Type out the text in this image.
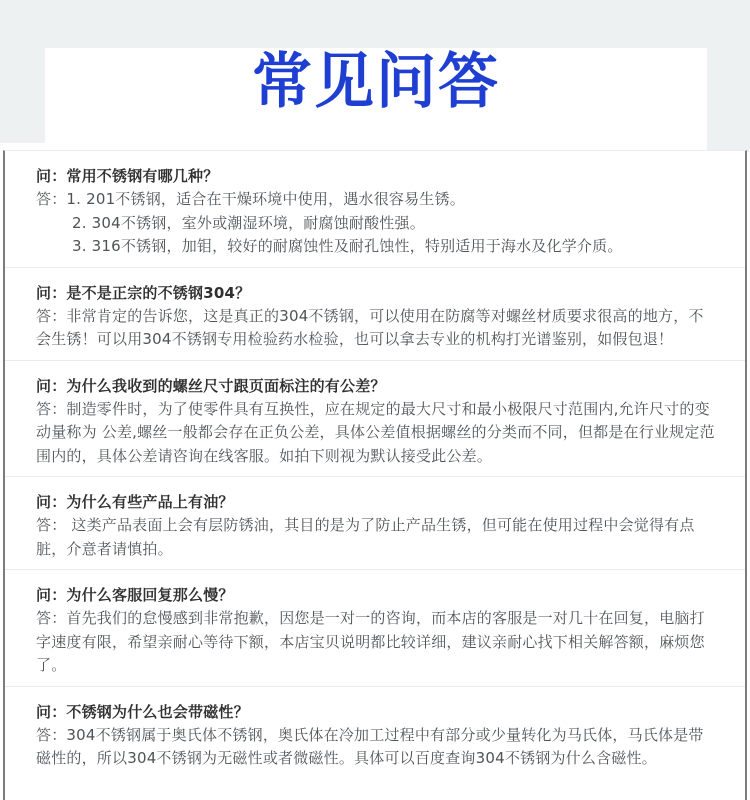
常见问答
问：常用不锈钢有哪几种？
答：1. 201不锈钢，适合在干燥环境中使用，遇水很容易生锈。
2. 304不锈钢，室外或潮湿环境，耐腐蚀耐酸性强。
3. 316不锈钢，加钼，较好的耐腐蚀性及耐孔蚀性，特别适用于海水及化学介质。
问：是不是正宗的不锈钢304？
答：非常肯定的告诉您，这是真正的304不锈钢，可以使用在防腐等对螺丝材质要求很高的地方，不会生锈！可以用304不锈钢专用检验药水检验，也可以拿去专业的机构打光谱鉴别，如假包退！
问：为什么我收到的螺丝尺寸跟页面标注的有公差？
答：制造零件时，为了使零件具有互换性，应在规定的最大尺寸和最小极限尺寸范围内,允许尺寸的变动量称为 公差,螺丝一般都会存在正负公差，具体公差值根据螺丝的分类而不同，但都是在行业规定范围内的，具体公差请咨询在线客服。如拍下则视为默认接受此公差。
问：为什么有些产品上有油？
答： 这类产品表面上会有层防锈油，其目的是为了防止产品生锈，但可能在使用过程中会觉得有点脏，介意者请慎拍。
问：为什么客服回复那么慢？
答：首先我们的怠慢感到非常抱歉，因您是一对一的咨询，而本店的客服是一对几十在回复，电脑打字速度有限，希望亲耐心等待下额，本店宝贝说明都比较详细，建议亲耐心找下相关解答额，麻烦您了。
问：不锈钢为什么也会带磁性？
答：304不锈钢属于奥氏体不锈钢，奥氏体在冷加工过程中有部分或少量转化为马氏体，马氏体是带磁性的，所以304不锈钢为无磁性或者微磁性。具体可以百度查询304不锈钢为什么含磁性。
